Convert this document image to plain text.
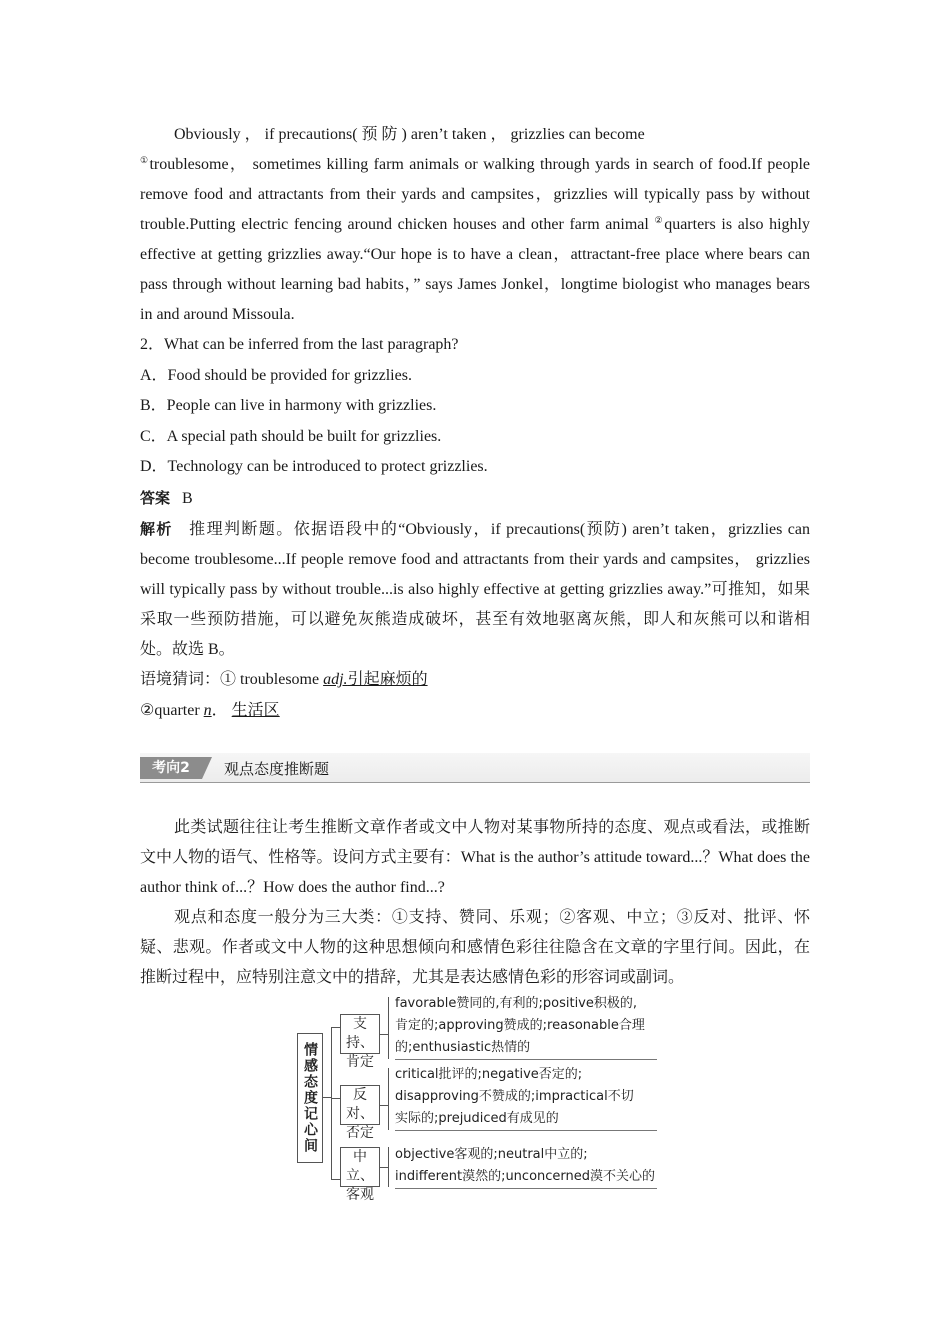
Obviously ， if precautions( 预 防 ) aren’t taken ， grizzlies can become
①troublesome， sometimes killing farm animals or walking through yards in search of food.If people remove food and attractants from their yards and campsites，grizzlies will typically pass by without trouble.Putting electric fencing around chicken houses and other farm animal ②quarters is also highly effective at getting grizzlies away.“Our hope is to have a clean，attractant-free place where bears can pass through without learning bad habits，” says James Jonkel，longtime biologist who manages bears in and around Missoula.

2．What can be inferred from the last paragraph?

A．Food should be provided for grizzlies.

B．People can live in harmony with grizzlies.

C．A special path should be built for grizzlies.

D．Technology can be introduced to protect grizzlies.

答案 B

解析 推理判断题。依据语段中的“Obviously，if precautions(预防) aren’t taken，grizzlies can become troublesome...If people remove food and attractants from their yards and campsites， grizzlies will typically pass by without trouble...is also highly effective at getting grizzlies away.”可推知，如果采取一些预防措施，可以避免灰熊造成破坏，甚至有效地驱离灰熊，即人和灰熊可以和谐相处。故选 B。

语境猜词：① troublesome adj.引起麻烦的

②quarter n． 生活区

考向2	观点态度推断题

此类试题往往让考生推断文章作者或文中人物对某事物所持的态度、观点或看法，或推断文中人物的语气、性格等。设问方式主要有：What is the author’s attitude toward...？What does the author think of...？How does the author find...?

观点和态度一般分为三大类：①支持、赞同、乐观；②客观、中立；③反对、批评、怀疑、悲观。作者或文中人物的这种思想倾向和感情色彩往往隐含在文章的字里行间。因此，在推断过程中，应特别注意文中的措辞，尤其是表达感情色彩的形容词或副词。

情感态度记心间
支持、
肯定
favorable赞同的,有利的;positive积极的,
肯定的;approving赞成的;reasonable合理
的;enthusiastic热情的
反对、
否定
critical批评的;negative否定的;
disapproving不赞成的;impractical不切
实际的;prejudiced有成见的
中立、
客观
objective客观的;neutral中立的;
indifferent漠然的;unconcerned漠不关心的
